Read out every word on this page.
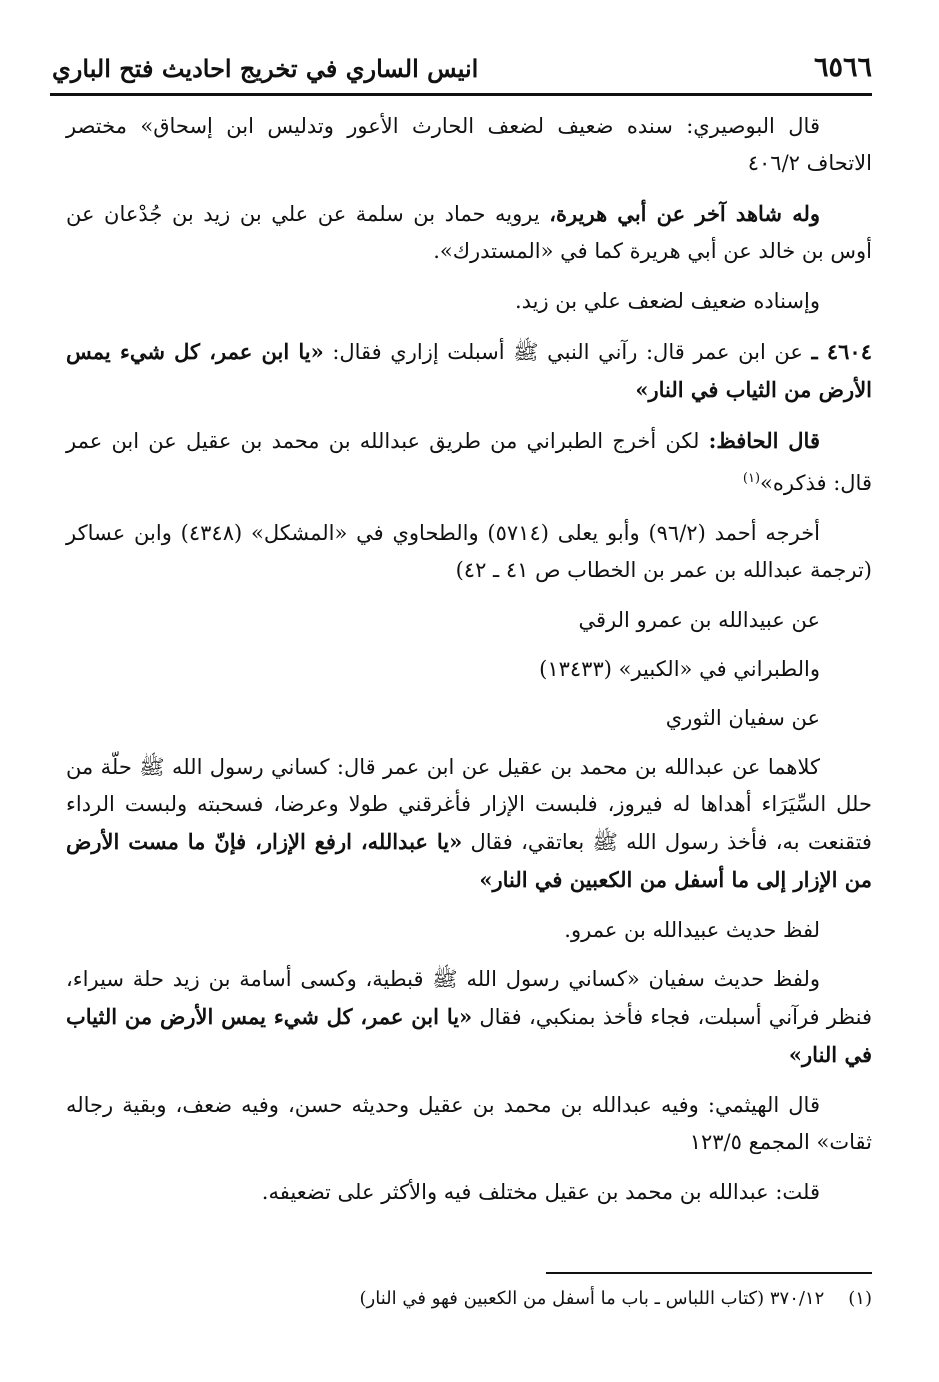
٦٥٦٦
انيس الساري في تخريج احاديث فتح الباري

قال البوصيري: سنده ضعيف لضعف الحارث الأعور وتدليس ابن إسحاق» مختصر الاتحاف ٤٠٦/٢

وله شاهد آخر عن أبي هريرة، يرويه حماد بن سلمة عن علي بن زيد بن جُدْعان عن أوس بن خالد عن أبي هريرة كما في «المستدرك».

وإسناده ضعيف لضعف علي بن زيد.

٤٦٠٤ ـ عن ابن عمر قال: رآني النبي ﷺ أسبلت إزاري فقال: «يا ابن عمر، كل شيء يمس الأرض من الثياب في النار»

قال الحافظ: لكن أخرج الطبراني من طريق عبدالله بن محمد بن عقيل عن ابن عمر قال: فذكره»$^{(١)}$

أخرجه أحمد (٩٦/٢) وأبو يعلى (٥٧١٤) والطحاوي في «المشكل» (٤٣٤٨) وابن عساكر (ترجمة عبدالله بن عمر بن الخطاب ص ٤١ ـ ٤٢)

عن عبيدالله بن عمرو الرقي
والطبراني في «الكبير» (١٣٤٣٣)
عن سفيان الثوري

كلاهما عن عبدالله بن محمد بن عقيل عن ابن عمر قال: كساني رسول الله ﷺ حلّة من حلل السِّيَرَاء أهداها له فيروز، فلبست الإزار فأغرقني طولا وعرضا، فسحبته ولبست الرداء فتقنعت به، فأخذ رسول الله ﷺ بعاتقي، فقال «يا عبدالله، ارفع الإزار، فإنّ ما مست الأرض من الإزار إلى ما أسفل من الكعبين في النار»

لفظ حديث عبيدالله بن عمرو.

ولفظ حديث سفيان «كساني رسول الله ﷺ قبطية، وكسى أسامة بن زيد حلة سيراء، فنظر فرآني أسبلت، فجاء فأخذ بمنكبي، فقال «يا ابن عمر، كل شيء يمس الأرض من الثياب في النار»

قال الهيثمي: وفيه عبدالله بن محمد بن عقيل وحديثه حسن، وفيه ضعف، وبقية رجاله ثقات» المجمع ١٢٣/٥

قلت: عبدالله بن محمد بن عقيل مختلف فيه والأكثر على تضعيفه.
(١)٣٧٠/١٢ (كتاب اللباس ـ باب ما أسفل من الكعبين فهو في النار)
